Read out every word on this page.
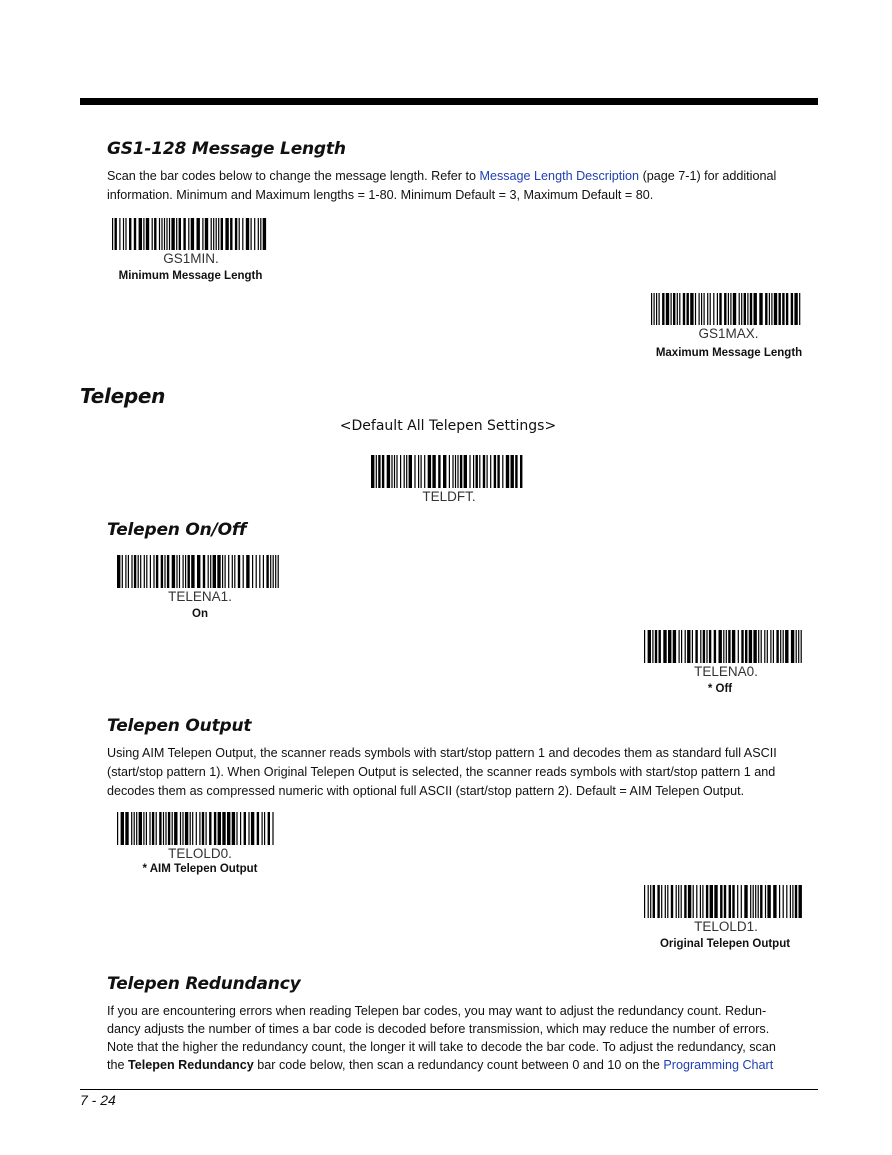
GS1-128 Message Length

Scan the bar codes below to change the message length. Refer to Message Length Description (page 7-1) for additional
information. Minimum and Maximum lengths = 1-80. Minimum Default = 3, Maximum Default = 80.

GS1MIN.
Minimum Message Length
GS1MAX.
Maximum Message Length
Telepen
<Default All Telepen Settings>
TELDFT.
Telepen On/Off
TELENA1.
On
TELENA0.
* Off
Telepen Output

Using AIM Telepen Output, the scanner reads symbols with start/stop pattern 1 and decodes them as standard full ASCII
(start/stop pattern 1). When Original Telepen Output is selected, the scanner reads symbols with start/stop pattern 1 and
decodes them as compressed numeric with optional full ASCII (start/stop pattern 2). Default = AIM Telepen Output.

TELOLD0.
* AIM Telepen Output
TELOLD1.
Original Telepen Output
Telepen Redundancy

If you are encountering errors when reading Telepen bar codes, you may want to adjust the redundancy count. Redun-
dancy adjusts the number of times a bar code is decoded before transmission, which may reduce the number of errors.
Note that the higher the redundancy count, the longer it will take to decode the bar code. To adjust the redundancy, scan
the Telepen Redundancy bar code below, then scan a redundancy count between 0 and 10 on the Programming Chart

7 - 24
